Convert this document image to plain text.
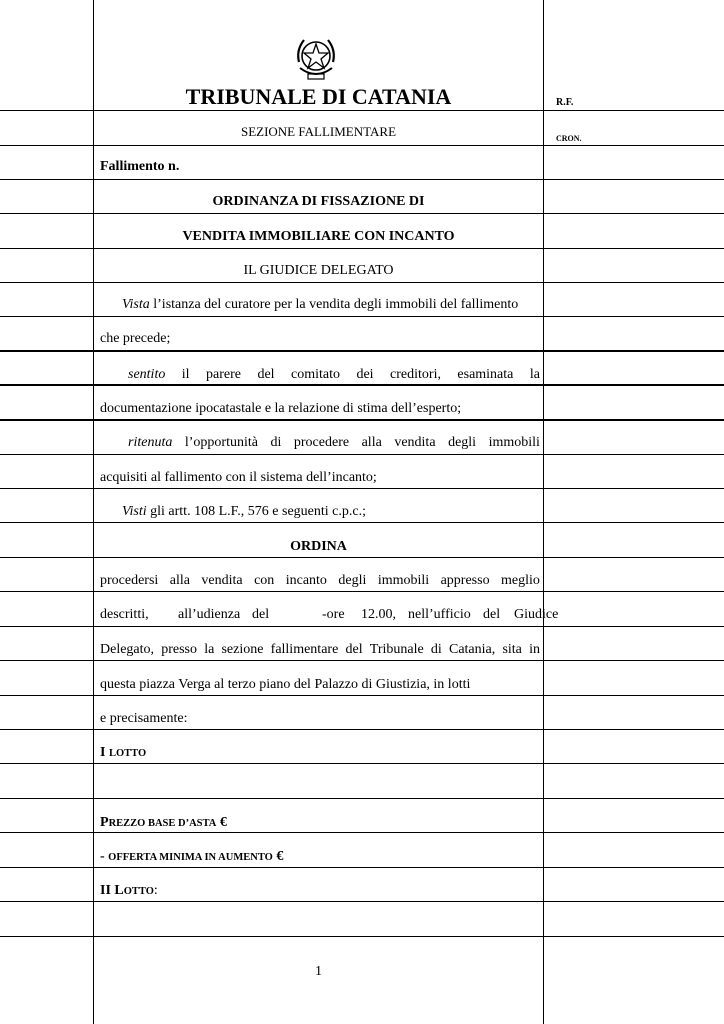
TRIBUNALE DI CATANIA
SEZIONE FALLIMENTARE
R.F.
CRON.
Fallimento n.
ORDINANZA DI FISSAZIONE DI
VENDITA IMMOBILIARE CON INCANTO
IL GIUDICE DELEGATO
Vista l’istanza del curatore per la vendita degli immobili del fallimento
che precede;
sentito il parere del comitato dei creditori, esaminata la
documentazione ipocatastale e la relazione di stima dell’esperto;
ritenuta l’opportunità di procedere alla vendita degli immobili
acquisiti al fallimento con il sistema dell’incanto;
Visti gli artt. 108 L.F., 576 e seguenti c.p.c.;
ORDINA
procedersi alla vendita con incanto degli immobili appresso meglio
descritti, all’udienza del	-ore 12.00, nell’ufficio del Giudice
Delegato, presso la sezione fallimentare del Tribunale di Catania, sita in
questa piazza Verga al terzo piano del Palazzo di Giustizia, in lotti
e precisamente:
I LOTTO
PREZZO BASE D’ASTA €
- OFFERTA MINIMA IN AUMENTO €
II LOTTO:
1
